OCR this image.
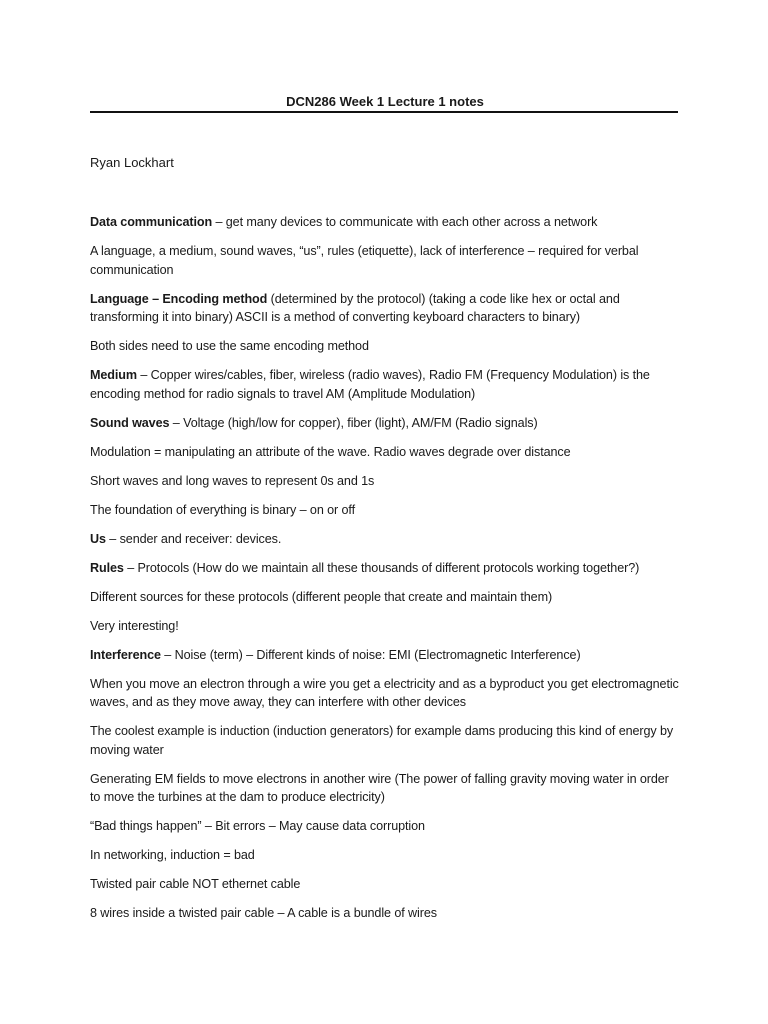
DCN286 Week 1 Lecture 1 notes
Ryan Lockhart

Data communication – get many devices to communicate with each other across a network

A language, a medium, sound waves, “us”, rules (etiquette), lack of interference – required for verbal communication

Language – Encoding method (determined by the protocol) (taking a code like hex or octal and transforming it into binary) ASCII is a method of converting keyboard characters to binary)

Both sides need to use the same encoding method

Medium – Copper wires/cables, fiber, wireless (radio waves), Radio FM (Frequency Modulation) is the encoding method for radio signals to travel AM (Amplitude Modulation)

Sound waves – Voltage (high/low for copper), fiber (light), AM/FM (Radio signals)

Modulation = manipulating an attribute of the wave. Radio waves degrade over distance

Short waves and long waves to represent 0s and 1s

The foundation of everything is binary – on or off

Us – sender and receiver: devices.

Rules – Protocols (How do we maintain all these thousands of different protocols working together?)

Different sources for these protocols (different people that create and maintain them)

Very interesting!

Interference – Noise (term) – Different kinds of noise: EMI (Electromagnetic Interference)

When you move an electron through a wire you get a electricity and as a byproduct you get electromagnetic waves, and as they move away, they can interfere with other devices

The coolest example is induction (induction generators) for example dams producing this kind of energy by moving water

Generating EM fields to move electrons in another wire (The power of falling gravity moving water in order to move the turbines at the dam to produce electricity)

“Bad things happen” – Bit errors – May cause data corruption

In networking, induction = bad

Twisted pair cable NOT ethernet cable

8 wires inside a twisted pair cable – A cable is a bundle of wires
